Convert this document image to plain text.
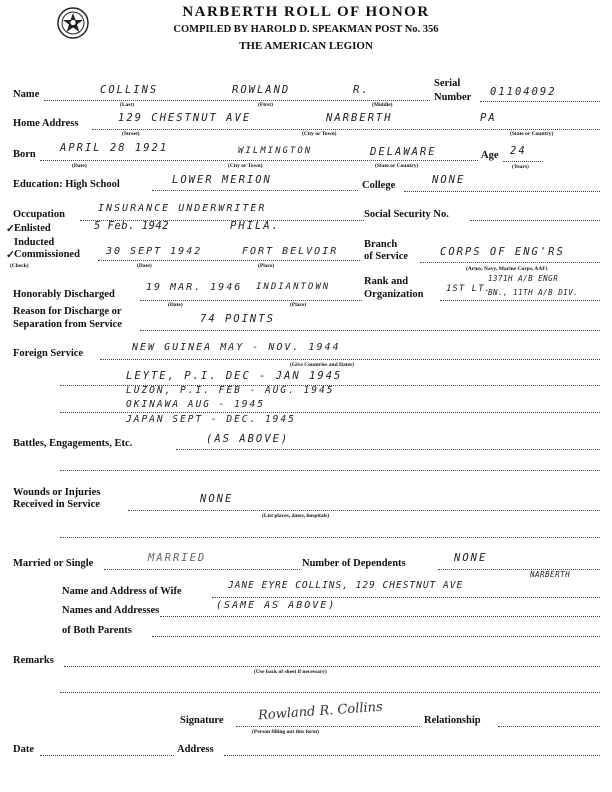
NARBERTH ROLL OF HONOR
COMPILED BY HAROLD D. SPEAKMAN POST No. 356
THE AMERICAN LEGION
Name	COLLINS	ROWLAND	R.
(Last)	(First)	(Middle)
Serial
Number 01104092
Home Address	129 CHESTNUT AVE	NARBERTH	PA
(Street)	(City or Town)	(State or Country)
Born
APRIL 28 1921	WILMINGTON	DELAWARE
(Date)	(City or Town)	(State or Country)
Age 24
(Years)
Education: High School	LOWER MERION	College	NONE
Occupation
INSURANCE UNDERWRITER
Social Security No.
✓ Enlisted	5 Feb. 1942	PHILA.
Inducted
✓ Commissioned	30 SEPT 1942	FORT BELVOIR
(Check)	(Date)	(Place)
Branch
of Service	CORPS OF ENG'RS
(Army, Navy, Marine Corps, AAF)
Honorably Discharged
19 MAR. 1946 INDIANTOWN
(Date)	(Place)
Rank and
Organization	1ST LT.
1371H A/B ENGR
BN., 11TH A/B DIV.
Reason for Discharge or
Separation from Service	74 POINTS
Foreign Service
NEW GUINEA MAY - NOV. 1944
(Give Countries and Dates)
LEYTE, P.I. DEC - JAN 1945
LUZON, P.I. FEB - AUG. 1945
OKINAWA AUG - 1945
JAPAN SEPT - DEC. 1945
Battles, Engagements, Etc.	(AS ABOVE)
Wounds or Injuries
Received in Service	NONE
(List places, dates, hospitals)
Married or Single	MARRIED	Number of Dependents	NONE
Name and Address of Wife
JANE EYRE COLLINS, 129 CHESTNUT AVE
NARBERTH
Names and Addresses	(SAME AS ABOVE)
of Both Parents
Remarks
(Use back of sheet if necessary)
Signature	Rowland R. Collins
(Person filling out this form)
Relationship
Date	Address
